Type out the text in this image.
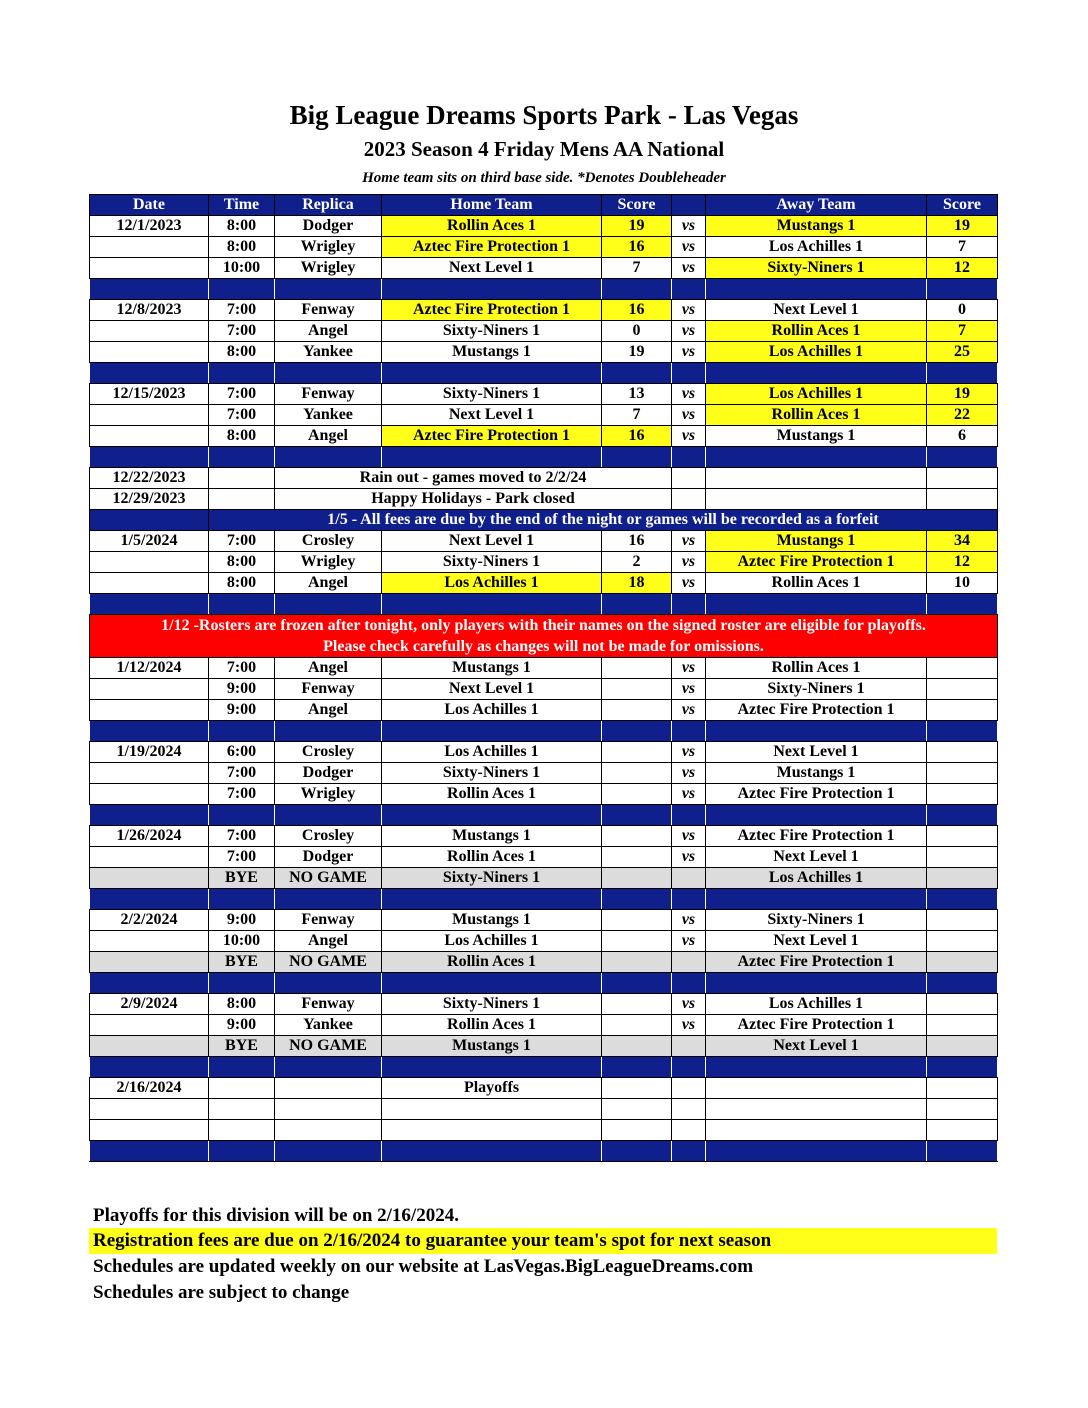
Big League Dreams Sports Park - Las Vegas
2023 Season 4 Friday Mens AA National
Home team sits on third base side. *Denotes Doubleheader
Date	Time	Replica	Home Team	Score		Away Team	Score
12/1/2023	8:00	Dodger	Rollin Aces 1	19	vs	Mustangs 1	19
	8:00	Wrigley	Aztec Fire Protection 1	16	vs	Los Achilles 1	7
	10:00	Wrigley	Next Level 1	7	vs	Sixty-Niners 1	12

12/8/2023	7:00	Fenway	Aztec Fire Protection 1	16	vs	Next Level 1	0
	7:00	Angel	Sixty-Niners 1	0	vs	Rollin Aces 1	7
	8:00	Yankee	Mustangs 1	19	vs	Los Achilles 1	25

12/15/2023	7:00	Fenway	Sixty-Niners 1	13	vs	Los Achilles 1	19
	7:00	Yankee	Next Level 1	7	vs	Rollin Aces 1	22
	8:00	Angel	Aztec Fire Protection 1	16	vs	Mustangs 1	6

12/22/2023		Rain out - games moved to 2/2/24					
12/29/2023		Happy Holidays - Park closed					
	1/5 - All fees are due by the end of the night or games will be recorded as a forfeit						
1/5/2024	7:00	Crosley	Next Level 1	16	vs	Mustangs 1	34
	8:00	Wrigley	Sixty-Niners 1	2	vs	Aztec Fire Protection 1	12
	8:00	Angel	Los Achilles 1	18	vs	Rollin Aces 1	10

1/12 -Rosters are frozen after tonight, only players with their names on the signed roster are eligible for playoffs.
Please check carefully as changes will not be made for omissions.							

1/12/2024	7:00	Angel	Mustangs 1		vs	Rollin Aces 1	
	9:00	Fenway	Next Level 1		vs	Sixty-Niners 1	
	9:00	Angel	Los Achilles 1		vs	Aztec Fire Protection 1	

1/19/2024	6:00	Crosley	Los Achilles 1		vs	Next Level 1	
	7:00	Dodger	Sixty-Niners 1		vs	Mustangs 1	
	7:00	Wrigley	Rollin Aces 1		vs	Aztec Fire Protection 1	

1/26/2024	7:00	Crosley	Mustangs 1		vs	Aztec Fire Protection 1	
	7:00	Dodger	Rollin Aces 1		vs	Next Level 1	
	BYE	NO GAME	Sixty-Niners 1			Los Achilles 1	

2/2/2024	9:00	Fenway	Mustangs 1		vs	Sixty-Niners 1	
	10:00	Angel	Los Achilles 1		vs	Next Level 1	
	BYE	NO GAME	Rollin Aces 1			Aztec Fire Protection 1	

2/9/2024	8:00	Fenway	Sixty-Niners 1		vs	Los Achilles 1	
	9:00	Yankee	Rollin Aces 1		vs	Aztec Fire Protection 1	
	BYE	NO GAME	Mustangs 1			Next Level 1	

2/16/2024			Playoffs				

Playoffs for this division will be on 2/16/2024.
Registration fees are due on 2/16/2024 to guarantee your team's spot for next season
Schedules are updated weekly on our website at LasVegas.BigLeagueDreams.com
Schedules are subject to change
